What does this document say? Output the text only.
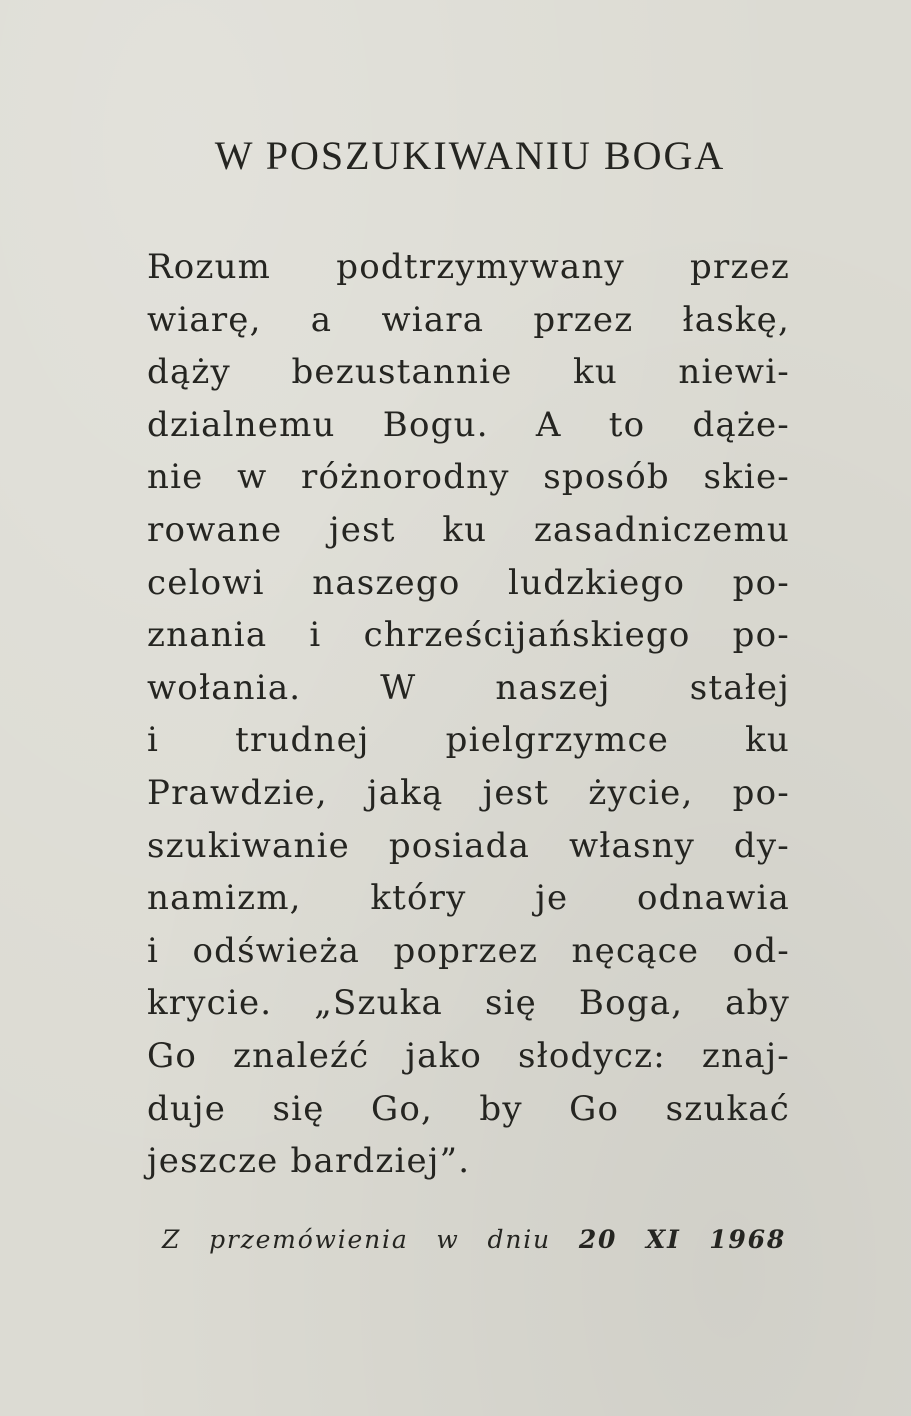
W POSZUKIWANIU BOGA
Rozum podtrzymywany przez
wiarę, a wiara przez łaskę,
dąży bezustannie ku niewi-
dzialnemu Bogu. A to dąże-
nie w różnorodny sposób skie-
rowane jest ku zasadniczemu
celowi naszego ludzkiego po-
znania i chrześcijańskiego po-
wołania. W naszej stałej
i trudnej pielgrzymce ku
Prawdzie, jaką jest życie, po-
szukiwanie posiada własny dy-
namizm, który je odnawia
i odświeża poprzez nęcące od-
krycie. „Szuka się Boga, aby
Go znaleźć jako słodycz: znaj-
duje się Go, by Go szukać
jeszcze bardziej”.
Z przemówienia w dniu 20 XI 1968
